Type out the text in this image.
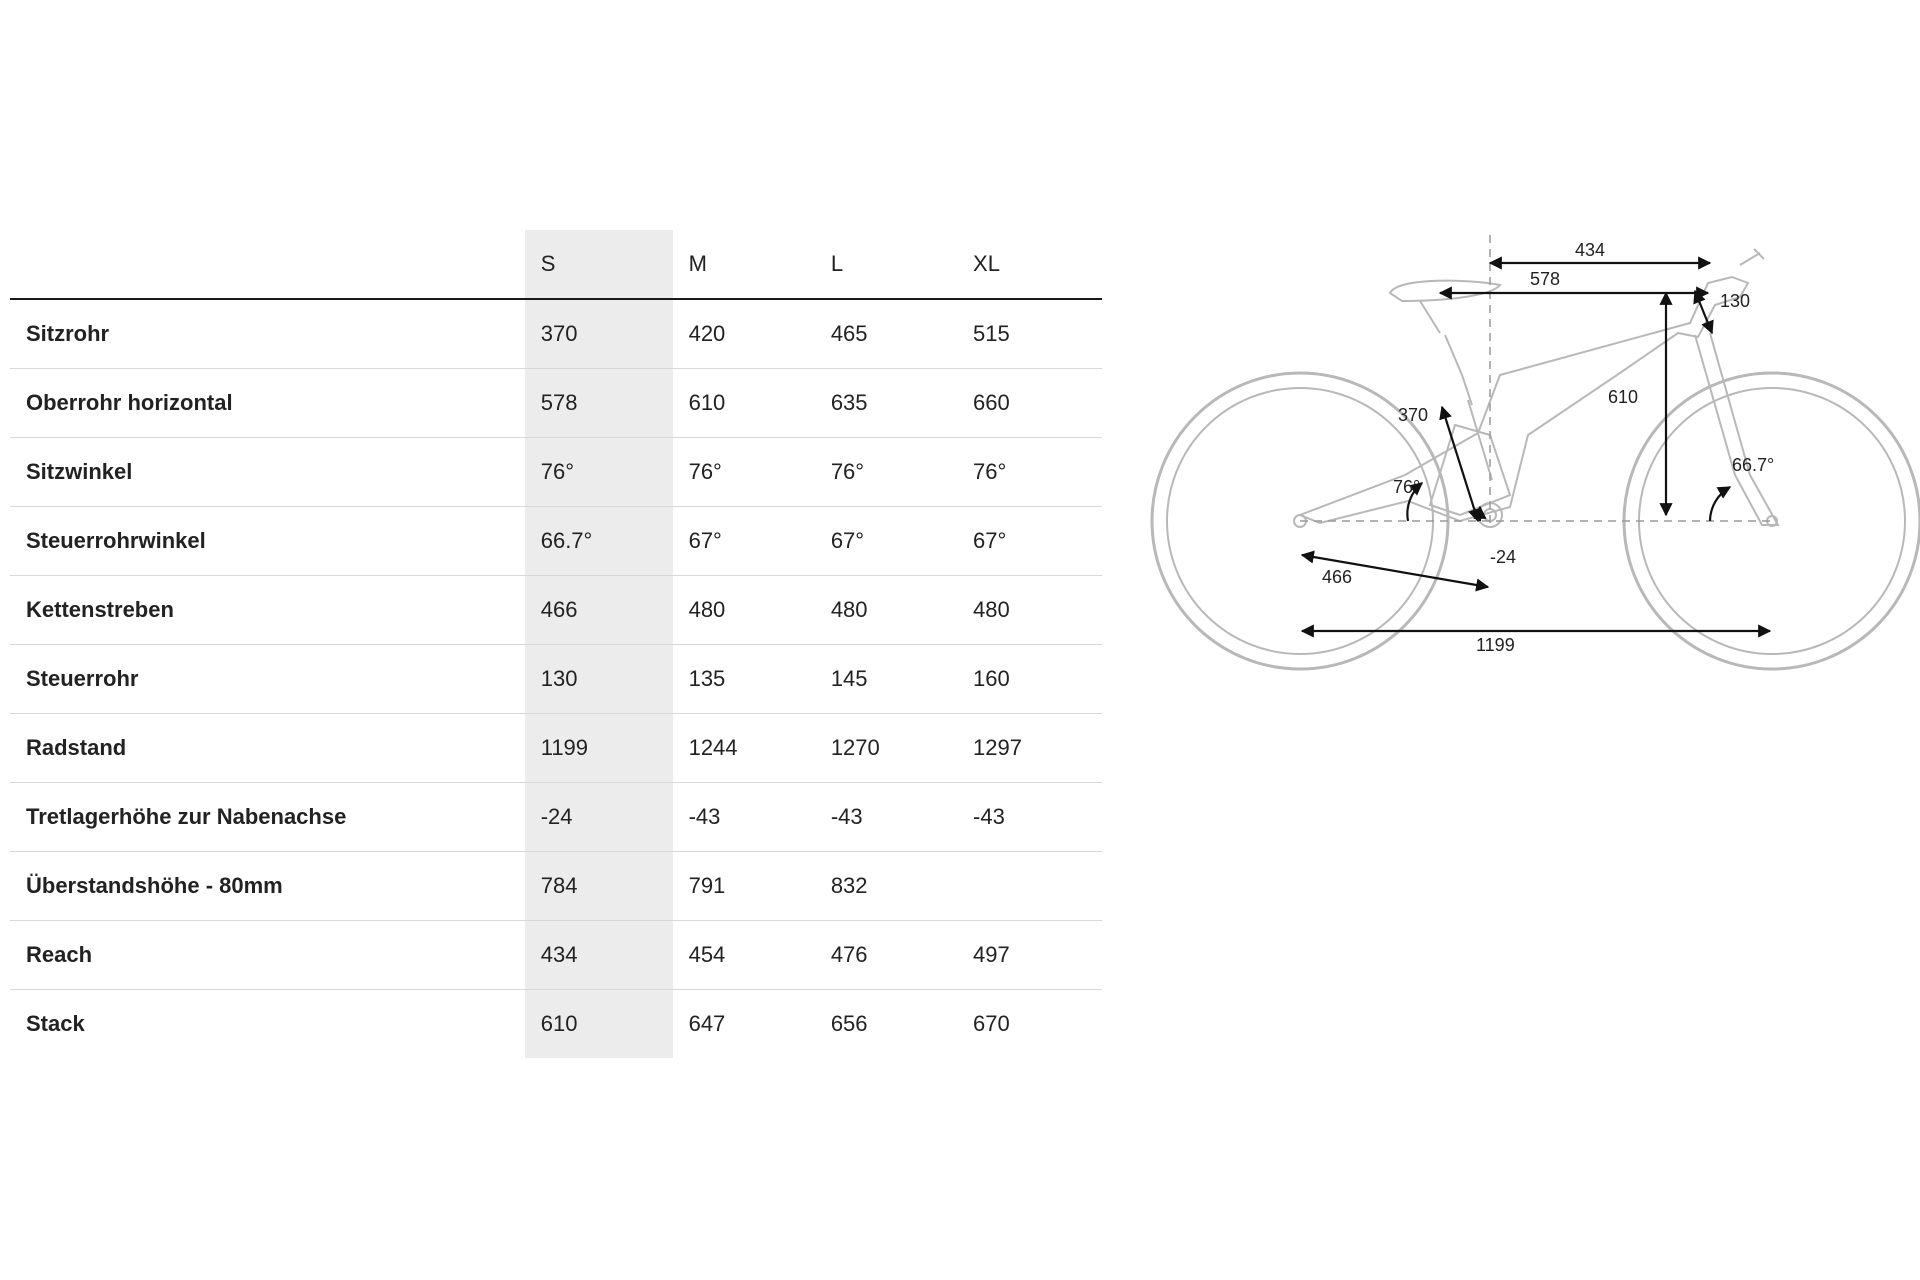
	S	M	L	XL
Sitzrohr	370	420	465	515
Oberrohr horizontal	578	610	635	660
Sitzwinkel	76°	76°	76°	76°
Steuerrohrwinkel	66.7°	67°	67°	67°
Kettenstreben	466	480	480	480
Steuerrohr	130	135	145	160
Radstand	1199	1244	1270	1297
Tretlagerhöhe zur Nabenachse	-24	-43	-43	-43
Überstandshöhe - 80mm	784	791	832	
Reach	434	454	476	497
Stack	610	647	656	670
434
578
130
610
370
76°
66.7°
-24
466
1199
